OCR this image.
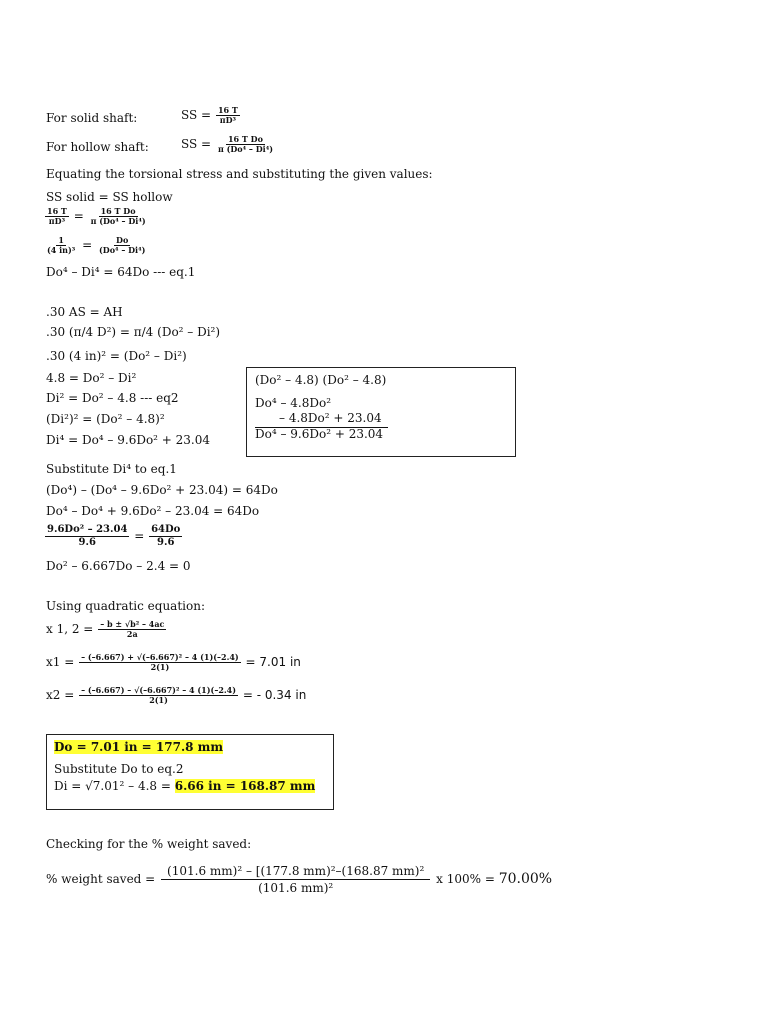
For solid shaft:	SS = $\frac{16 T}{\text{πD³}}$
For hollow shaft:	SS = $\frac{\text{16 T Do}}{\text{π (Do⁴ – Di⁴)}}$
Equating the torsional stress and substituting the given values:
SS solid = SS hollow
$\frac{16 T}{\text{πD³}} = \frac{\text{16 T Do}}{\text{π (Do⁴ – Di⁴)}}$
$\frac{1}{\text{(4 in)³}} = \frac{Do}{\text{(Do⁴ – Di⁴)}}$
Do⁴ – Di⁴ = 64Do --- eq.1
.30 AS = AH
.30 (π/4 D²) = π/4 (Do² – Di²)
.30 (4 in)² = (Do² – Di²)
4.8 = Do² – Di²
Di² = Do² – 4.8 --- eq2
(Di²)² = (Do² – 4.8)²
Di⁴ = Do⁴ – 9.6Do² + 23.04
(Do² – 4.8) (Do² – 4.8)
Do⁴ – 4.8Do²
– 4.8Do² + 23.04
Do⁴ – 9.6Do² + 23.04
Substitute Di⁴ to eq.1
(Do⁴) – (Do⁴ – 9.6Do² + 23.04) = 64Do
Do⁴ – Do⁴ + 9.6Do² – 23.04 = 64Do
$\frac{\text{9.6Do² – 23.04}}{9.6} = \frac{64Do}{9.6}$
Do² – 6.667Do – 2.4 = 0
Using quadratic equation:
x 1, $2 = \frac{\text{– b ± √b² – 4ac}}{2a}$
$x1 = \frac{\text{– (–6.667) + √(–6.667)² – 4 (1)(–2.4)}}{2(1)} = 7.01$ in
$x2 = \frac{\text{– (–6.667) – √(–6.667)² – 4 (1)(–2.4)}}{2(1)}$ = - 0.34 in
Do = 7.01 in = 177.8 mm
Substitute Do to eq.2
Di = √7.01² – 4.8 = 6.66 in = 168.87 mm
Checking for the % weight saved:
% weight saved = $\frac{\text{(101.6 mm)² – [(177.8 mm)²–(168.87 mm)²}}{\text{(101.6 mm)²}}$ x 100% = 70.00%
